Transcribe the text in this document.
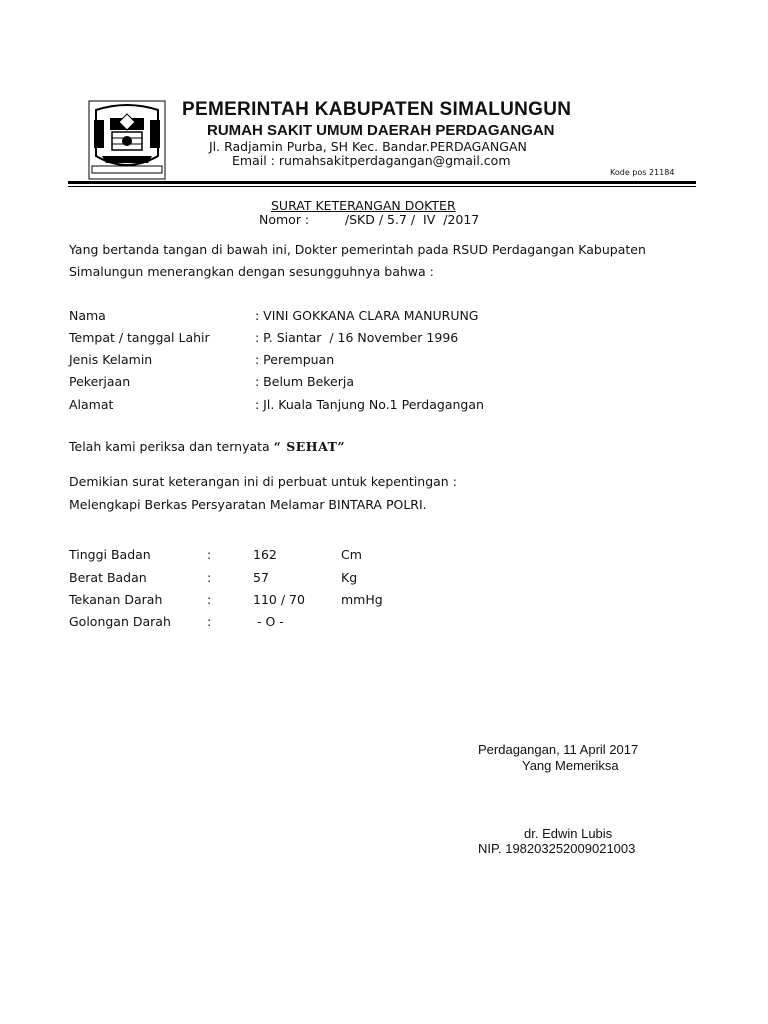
PEMERINTAH KABUPATEN SIMALUNGUN
RUMAH SAKIT UMUM DAERAH PERDAGANGAN
Jl. Radjamin Purba, SH Kec. Bandar.PERDAGANGAN
Email : rumahsakitperdagangan@gmail.com
Kode pos 21184
SURAT KETERANGAN DOKTER
Nomor :         /SKD / 5.7 /  IV  /2017
Yang bertanda tangan di bawah ini, Dokter pemerintah pada RSUD Perdagangan Kabupaten
Simalungun menerangkan dengan sesungguhnya bahwa :
Nama	: VINI GOKKANA CLARA MANURUNG
Tempat / tanggal Lahir	: P. Siantar  / 16 November 1996
Jenis Kelamin	: Perempuan
Pekerjaan	: Belum Bekerja
Alamat	: Jl. Kuala Tanjung No.1 Perdagangan
Telah kami periksa dan ternyata “ SEHAT”
Demikian surat keterangan ini di perbuat untuk kepentingan :
Melengkapi Berkas Persyaratan Melamar BINTARA POLRI.
Tinggi Badan	:	162	Cm
Berat Badan	:	57	Kg
Tekanan Darah	:	110 / 70	mmHg
Golongan Darah	:	- O -
Perdagangan, 11 April 2017
Yang Memeriksa
dr. Edwin Lubis
NIP. 198203252009021003
